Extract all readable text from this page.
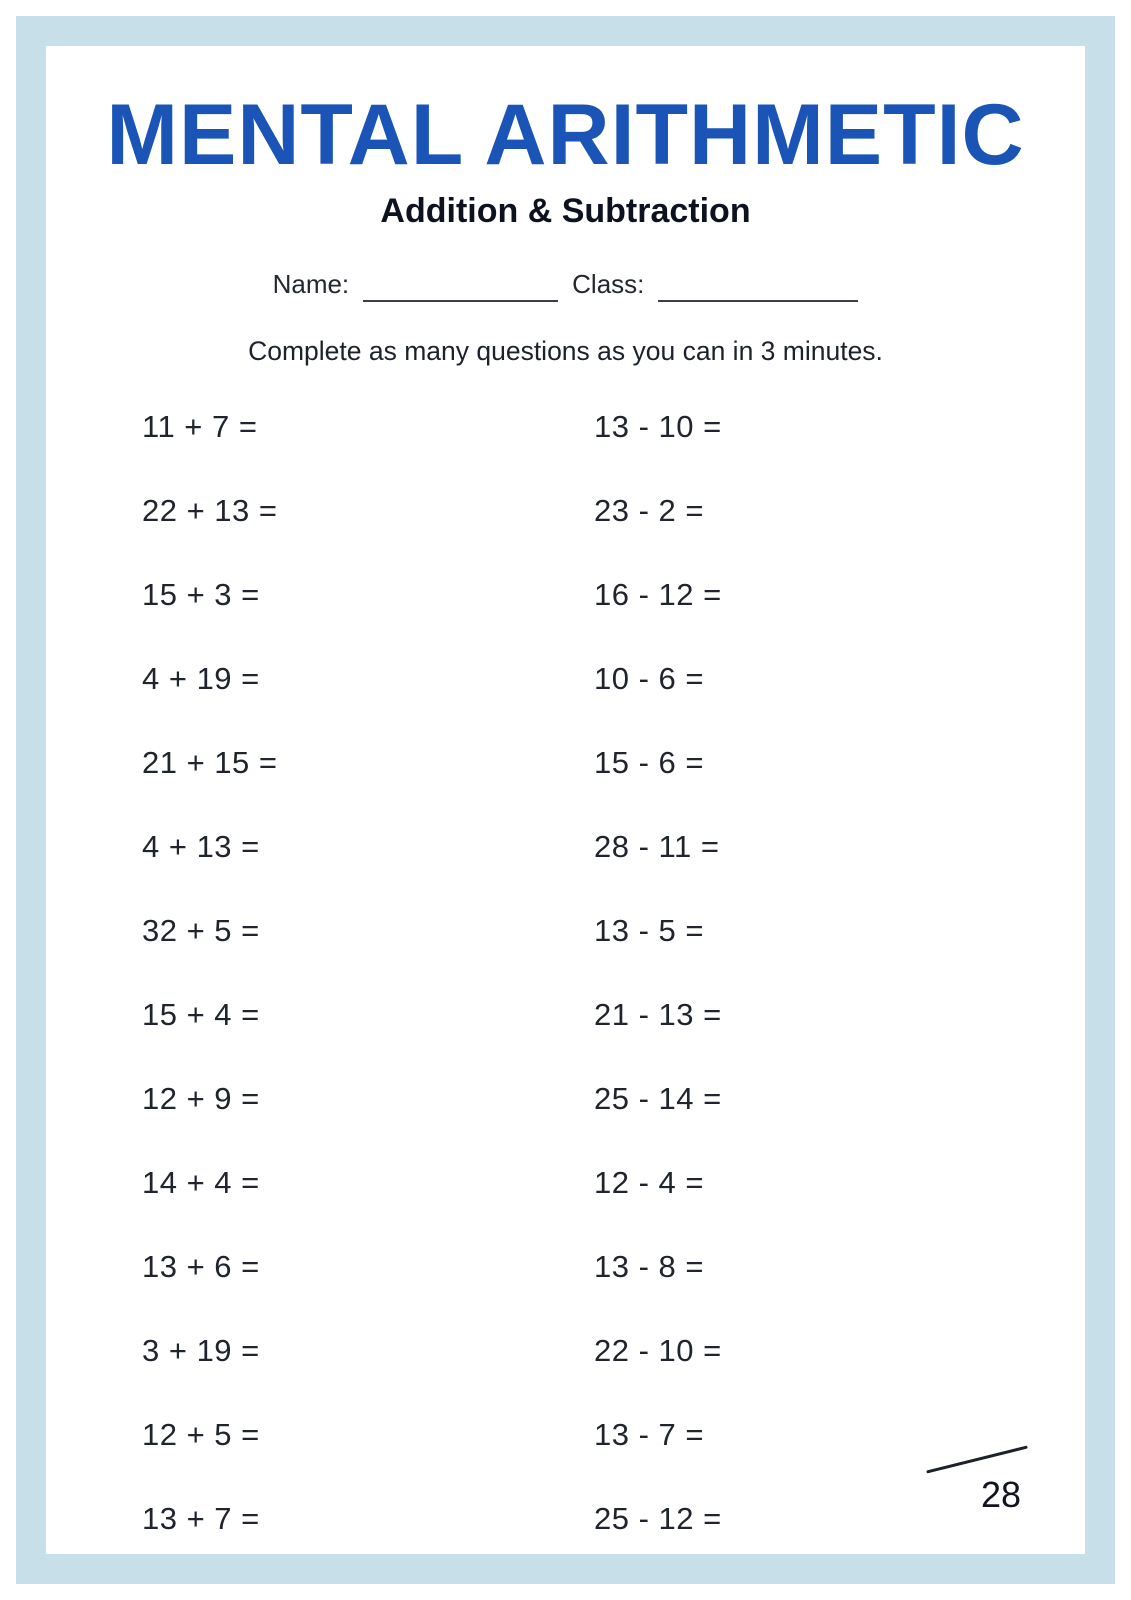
MENTAL ARITHMETIC
Addition & Subtraction
Name:	Class:
Complete as many questions as you can in 3 minutes.
11 + 7 =
22 + 13 =
15 + 3 =
4 + 19 =
21 + 15 =
4 + 13 =
32 + 5 =
15 + 4 =
12 + 9 =
14 + 4 =
13 + 6 =
3 + 19 =
12 + 5 =
13 + 7 =
13 - 10 =
23 - 2 =
16 - 12 =
10 - 6 =
15 - 6 =
28 - 11 =
13 - 5 =
21 - 13 =
25 - 14 =
12 - 4 =
13 - 8 =
22 - 10 =
13 - 7 =
25 - 12 =
28
